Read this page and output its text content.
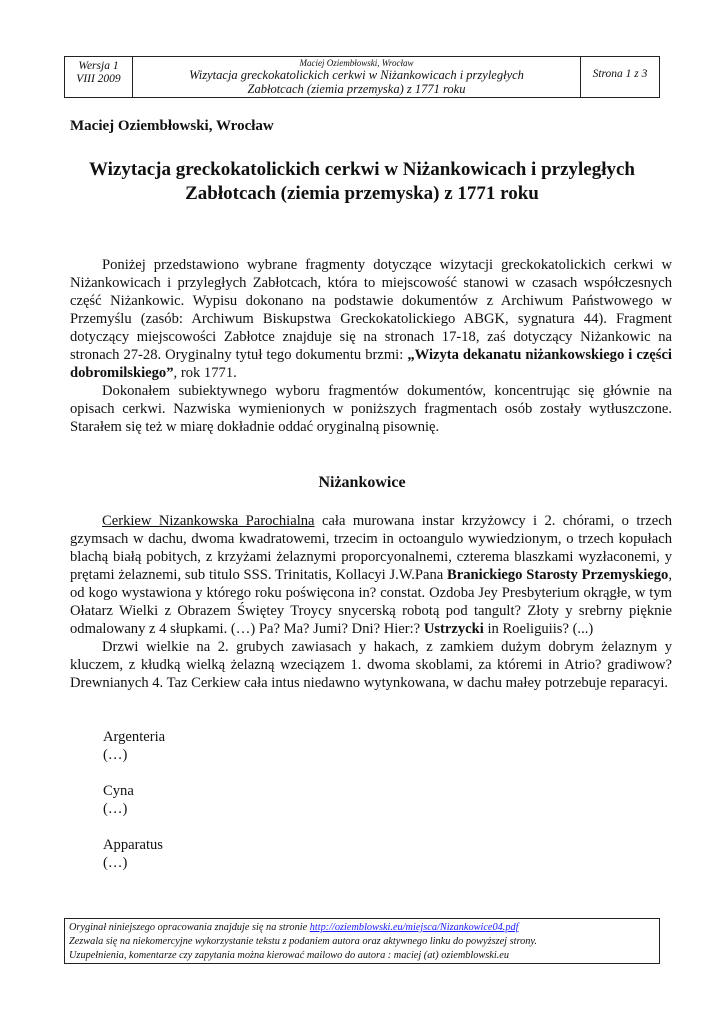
Wersja 1
VIII 2009
Maciej Oziembłowski, Wrocław
Wizytacja greckokatolickich cerkwi w Niżankowicach i przyległych
Zabłotcach (ziemia przemyska) z 1771 roku
Strona 1 z 3
Maciej Oziembłowski, Wrocław
Wizytacja greckokatolickich cerkwi w Niżankowicach i przyległych
Zabłotcach (ziemia przemyska) z 1771 roku

Poniżej przedstawiono wybrane fragmenty dotyczące wizytacji greckokatolickich cerkwi w Niżankowicach i przyległych Zabłotcach, która to miejscowość stanowi w czasach współczesnych część Niżankowic. Wypisu dokonano na podstawie dokumentów z Archiwum Państwowego w Przemyślu (zasób: Archiwum Biskupstwa Greckokatolickiego ABGK, sygnatura 44). Fragment dotyczący miejscowości Zabłotce znajduje się na stronach 17-18, zaś dotyczący Niżankowic na stronach 27-28. Oryginalny tytuł tego dokumentu brzmi: „Wizyta dekanatu niżankowskiego i części dobromilskiego”, rok 1771.

Dokonałem subiektywnego wyboru fragmentów dokumentów, koncentrując się głównie na opisach cerkwi. Nazwiska wymienionych w poniższych fragmentach osób zostały wytłuszczone. Starałem się też w miarę dokładnie oddać oryginalną pisownię.

Niżankowice

Cerkiew Nizankowska Parochialna cała murowana instar krzyżowcy i 2. chórami, o trzech gzymsach w dachu, dwoma kwadratowemi, trzecim in octoangulo wywiedzionym, o trzech kopułach blachą białą pobitych, z krzyżami żelaznymi proporcyonalnemi, czterema blaszkami wyzłaconemi, y prętami żelaznemi, sub titulo SSS. Trinitatis, Kollacyi J.W.Pana Branickiego Starosty Przemyskiego, od kogo wystawiona y którego roku poświęcona in? constat. Ozdoba Jey Presbyterium okrągłe, w tym Ołatarz Wielki z Obrazem Świętey Troycy snycerską robotą pod tangult? Złoty y srebrny pięknie odmalowany z 4 słupkami. (…) Pa? Ma? Jumi? Dni? Hier:? Ustrzycki in Roeliguiis? (...)

Drzwi wielkie na 2. grubych zawiasach y hakach, z zamkiem dużym dobrym żelaznym y kluczem, z kłudką wielką żelazną wzeciązem 1. dwoma skoblami, za któremi in Atrio? gradiwow? Drewnianych 4. Taz Cerkiew cała intus niedawno wytynkowana, w dachu małey potrzebuje reparacyi.

Argenteria
(…)
Cyna
(…)
Apparatus
(…)
Oryginał niniejszego opracowania znajduje się na stronie http://oziemblowski.eu/miejsca/Nizankowice04.pdf
Zezwala się na niekomercyjne wykorzystanie tekstu z podaniem autora oraz aktywnego linku do powyższej strony.
Uzupełnienia, komentarze czy zapytania można kierować mailowo do autora : maciej (at) oziemblowski.eu
